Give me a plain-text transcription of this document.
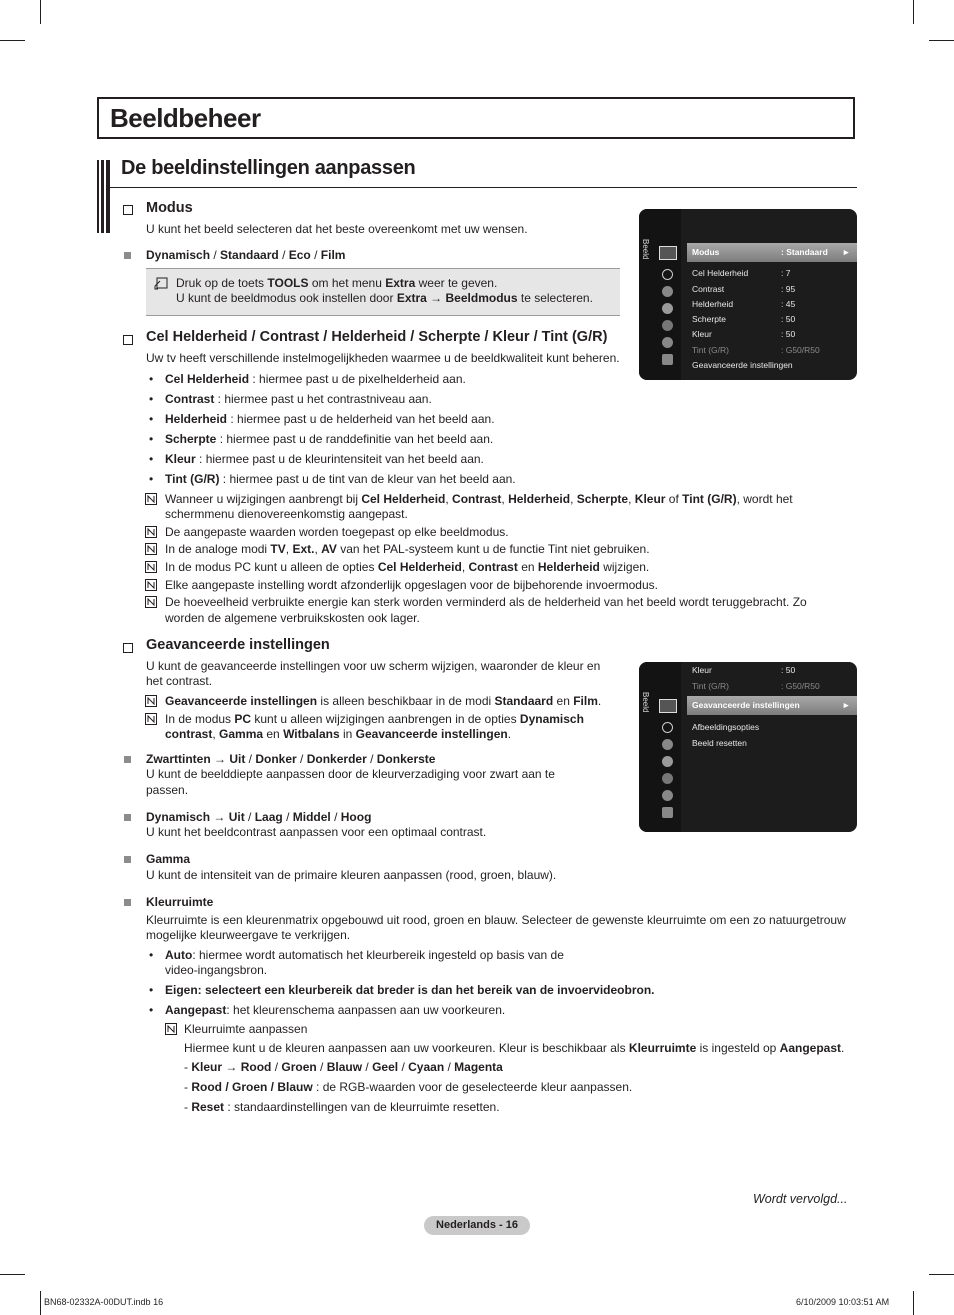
Beeldbeheer
De beeldinstellingen aanpassen
Modus
U kunt het beeld selecteren dat het beste overeenkomt met uw wensen.
Dynamisch / Standaard / Eco / Film
Druk op de toets TOOLS om het menu Extra weer te geven.
U kunt de beeldmodus ook instellen door Extra → Beeldmodus te selecteren.
Beeld	Modus	: Standaard ►
Cel Helderheid	: 7
Contrast	: 95
Helderheid	: 45
Scherpte	: 50
Kleur	: 50
Tint (G/R)	: G50/R50
Geavanceerde instellingen
Cel Helderheid / Contrast / Helderheid / Scherpte / Kleur / Tint (G/R)
Uw tv heeft verschillende instelmogelijkheden waarmee u de beeldkwaliteit kunt beheren.
• Cel Helderheid : hiermee past u de pixelhelderheid aan.
• Contrast : hiermee past u het contrastniveau aan.
• Helderheid : hiermee past u de helderheid van het beeld aan.
• Scherpte : hiermee past u de randdefinitie van het beeld aan.
• Kleur : hiermee past u de kleurintensiteit van het beeld aan.
• Tint (G/R) : hiermee past u de tint van de kleur van het beeld aan.
Wanneer u wijzigingen aanbrengt bij Cel Helderheid, Contrast, Helderheid, Scherpte, Kleur of Tint (G/R), wordt het
schermmenu dienovereenkomstig aangepast.
De aangepaste waarden worden toegepast op elke beeldmodus.
In de analoge modi TV, Ext., AV van het PAL-systeem kunt u de functie Tint niet gebruiken.
In de modus PC kunt u alleen de opties Cel Helderheid, Contrast en Helderheid wijzigen.
Elke aangepaste instelling wordt afzonderlijk opgeslagen voor de bijbehorende invoermodus.
De hoeveelheid verbruikte energie kan sterk worden verminderd als de helderheid van het beeld wordt teruggebracht. Zo
worden de algemene verbruikskosten ook lager.
Geavanceerde instellingen
U kunt de geavanceerde instellingen voor uw scherm wijzigen, waaronder de kleur en
het contrast.
Geavanceerde instellingen is alleen beschikbaar in de modi Standaard en Film.
In de modus PC kunt u alleen wijzigingen aanbrengen in de opties Dynamisch
contrast, Gamma en Witbalans in Geavanceerde instellingen.
Zwarttinten → Uit / Donker / Donkerder / Donkerste
U kunt de beelddiepte aanpassen door de kleurverzadiging voor zwart aan te
passen.
Dynamisch → Uit / Laag / Middel / Hoog
U kunt het beeldcontrast aanpassen voor een optimaal contrast.
Beeld
Kleur	: 50
Tint (G/R)	: G50/R50
Geavanceerde instellingen	►
Afbeeldingsopties
Beeld resetten
Gamma
U kunt de intensiteit van de primaire kleuren aanpassen (rood, groen, blauw).
Kleurruimte
Kleurruimte is een kleurenmatrix opgebouwd uit rood, groen en blauw. Selecteer de gewenste kleurruimte om een zo natuurgetrouw
mogelijke kleurweergave te verkrijgen.
• Auto: hiermee wordt automatisch het kleurbereik ingesteld op basis van de
video-ingangsbron.
• Eigen: selecteert een kleurbereik dat breder is dan het bereik van de invoervideobron.
• Aangepast: het kleurenschema aanpassen aan uw voorkeuren.
Kleurruimte aanpassen
Hiermee kunt u de kleuren aanpassen aan uw voorkeuren. Kleur is beschikbaar als Kleurruimte is ingesteld op Aangepast.
- Kleur → Rood / Groen / Blauw / Geel / Cyaan / Magenta
- Rood / Groen / Blauw : de RGB-waarden voor de geselecteerde kleur aanpassen.
- Reset : standaardinstellingen van de kleurruimte resetten.
Wordt vervolgd...
Nederlands - 16
BN68-02332A-00DUT.indb 16	6/10/2009 10:03:51 AM
